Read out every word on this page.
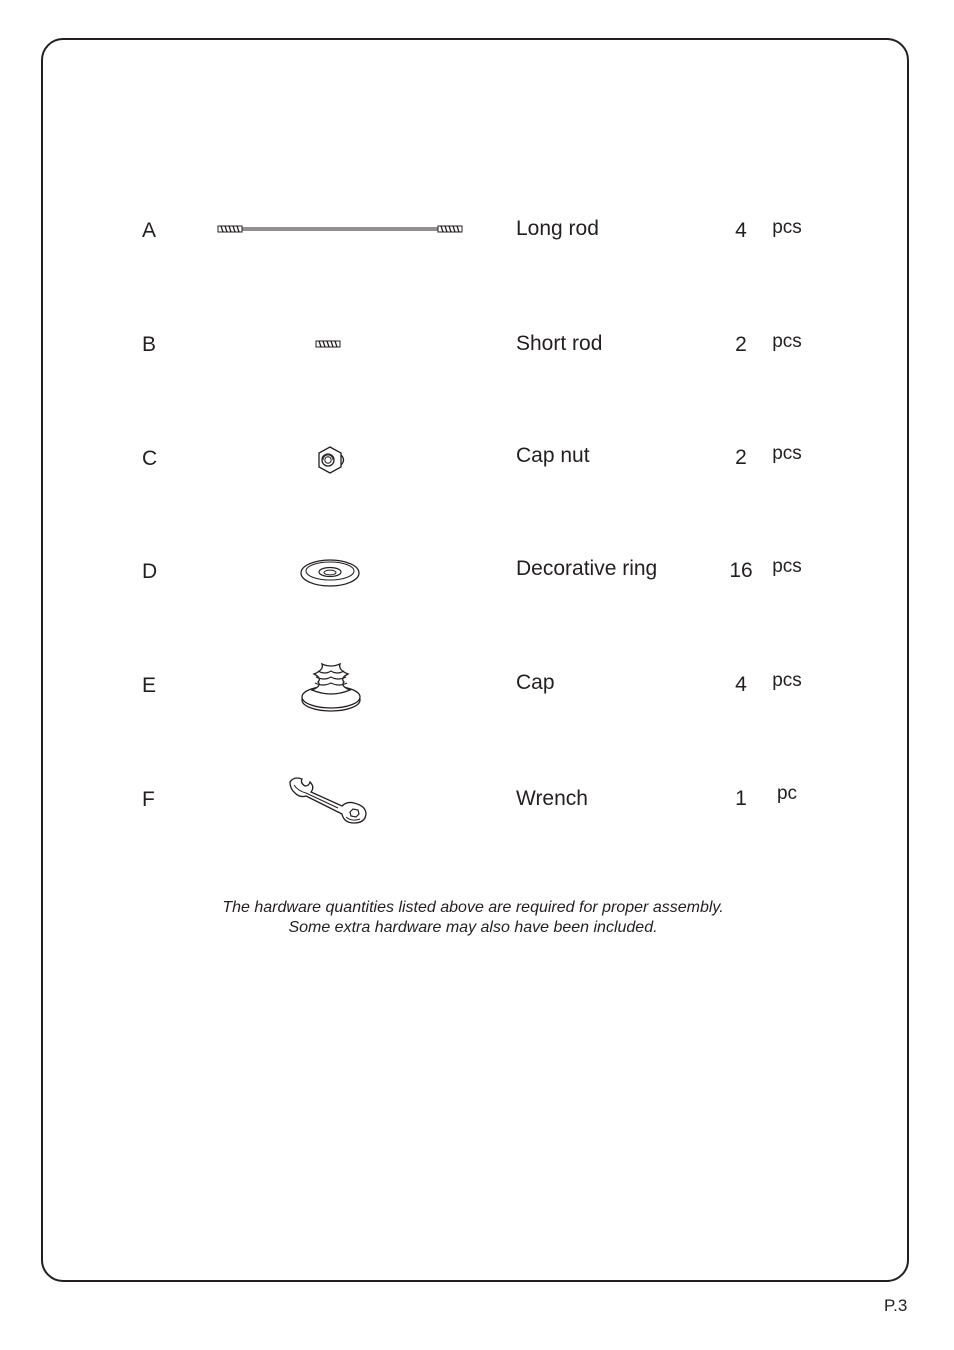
A	Long rod	4	pcs
B	Short rod	2	pcs
C	Cap nut	2	pcs
D	Decorative ring	16	pcs
E	Cap	4	pcs
F	Wrench	1	pc
The hardware quantities listed above are required for proper assembly.
Some extra hardware may also have been included.
P.3
